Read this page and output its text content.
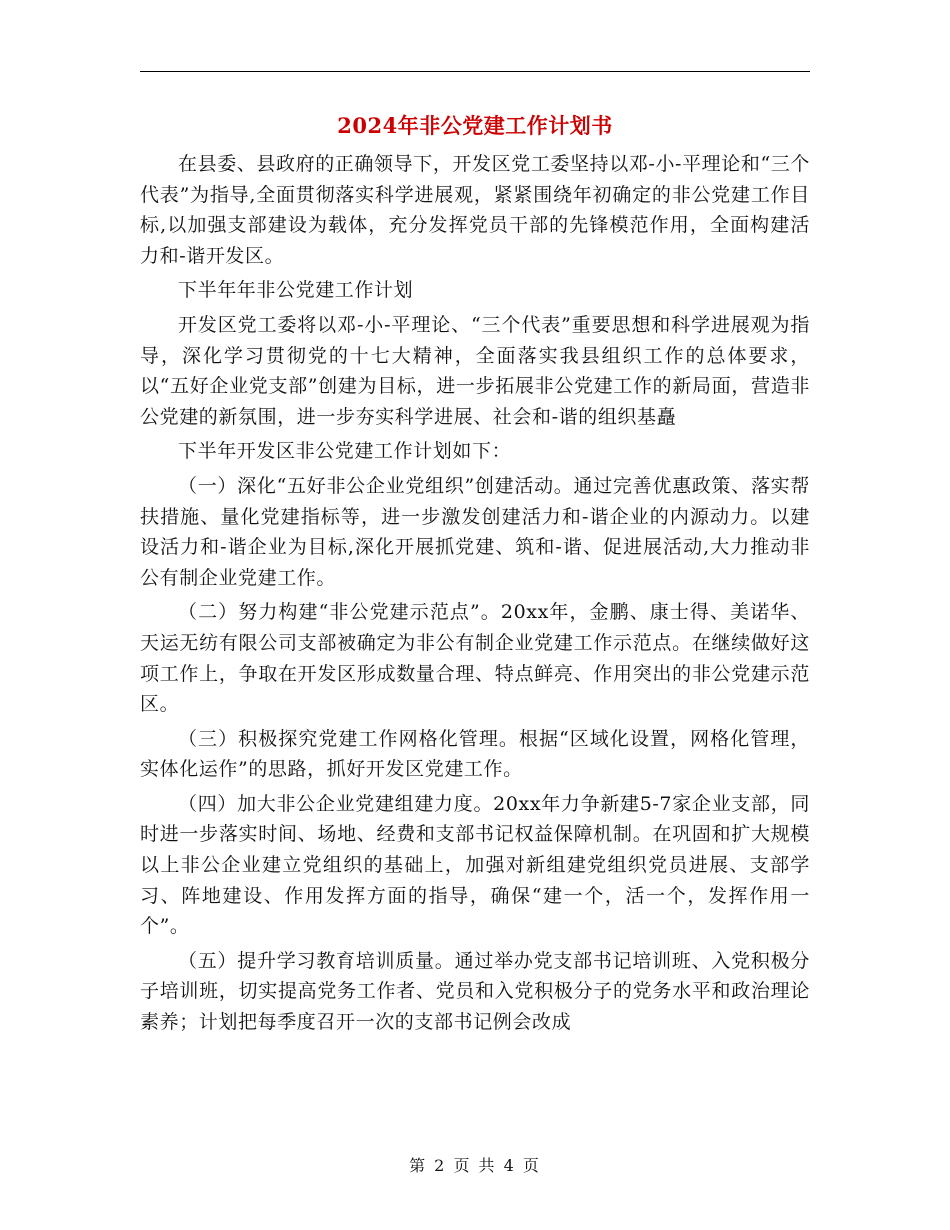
2024年非公党建工作计划书

在县委、县政府的正确领导下，开发区党工委坚持以邓-小-平理论和“三个代表”为指导,全面贯彻落实科学进展观，紧紧围绕年初确定的非公党建工作目标,以加强支部建设为载体，充分发挥党员干部的先锋模范作用，全面构建活力和-谐开发区。

下半年年非公党建工作计划

开发区党工委将以邓-小-平理论、“三个代表”重要思想和科学进展观为指导，深化学习贯彻党的十七大精神，全面落实我县组织工作的总体要求，以“五好企业党支部”创建为目标，进一步拓展非公党建工作的新局面，营造非公党建的新氛围，进一步夯实科学进展、社会和-谐的组织基矗

下半年开发区非公党建工作计划如下：

（一）深化“五好非公企业党组织”创建活动。通过完善优惠政策、落实帮扶措施、量化党建指标等，进一步激发创建活力和-谐企业的内源动力。以建设活力和-谐企业为目标,深化开展抓党建、筑和-谐、促进展活动,大力推动非公有制企业党建工作。

（二）努力构建“非公党建示范点”。20xx年，金鹏、康士得、美诺华、天运无纺有限公司支部被确定为非公有制企业党建工作示范点。在继续做好这项工作上，争取在开发区形成数量合理、特点鲜亮、作用突出的非公党建示范区。

（三）积极探究党建工作网格化管理。根据“区域化设置，网格化管理，实体化运作”的思路，抓好开发区党建工作。

（四）加大非公企业党建组建力度。20xx年力争新建5-7家企业支部，同时进一步落实时间、场地、经费和支部书记权益保障机制。在巩固和扩大规模以上非公企业建立党组织的基础上，加强对新组建党组织党员进展、支部学习、阵地建设、作用发挥方面的指导，确保“建一个，活一个，发挥作用一个”。

（五）提升学习教育培训质量。通过举办党支部书记培训班、入党积极分子培训班，切实提高党务工作者、党员和入党积极分子的党务水平和政治理论素养；计划把每季度召开一次的支部书记例会改成

第 2 页 共 4 页
